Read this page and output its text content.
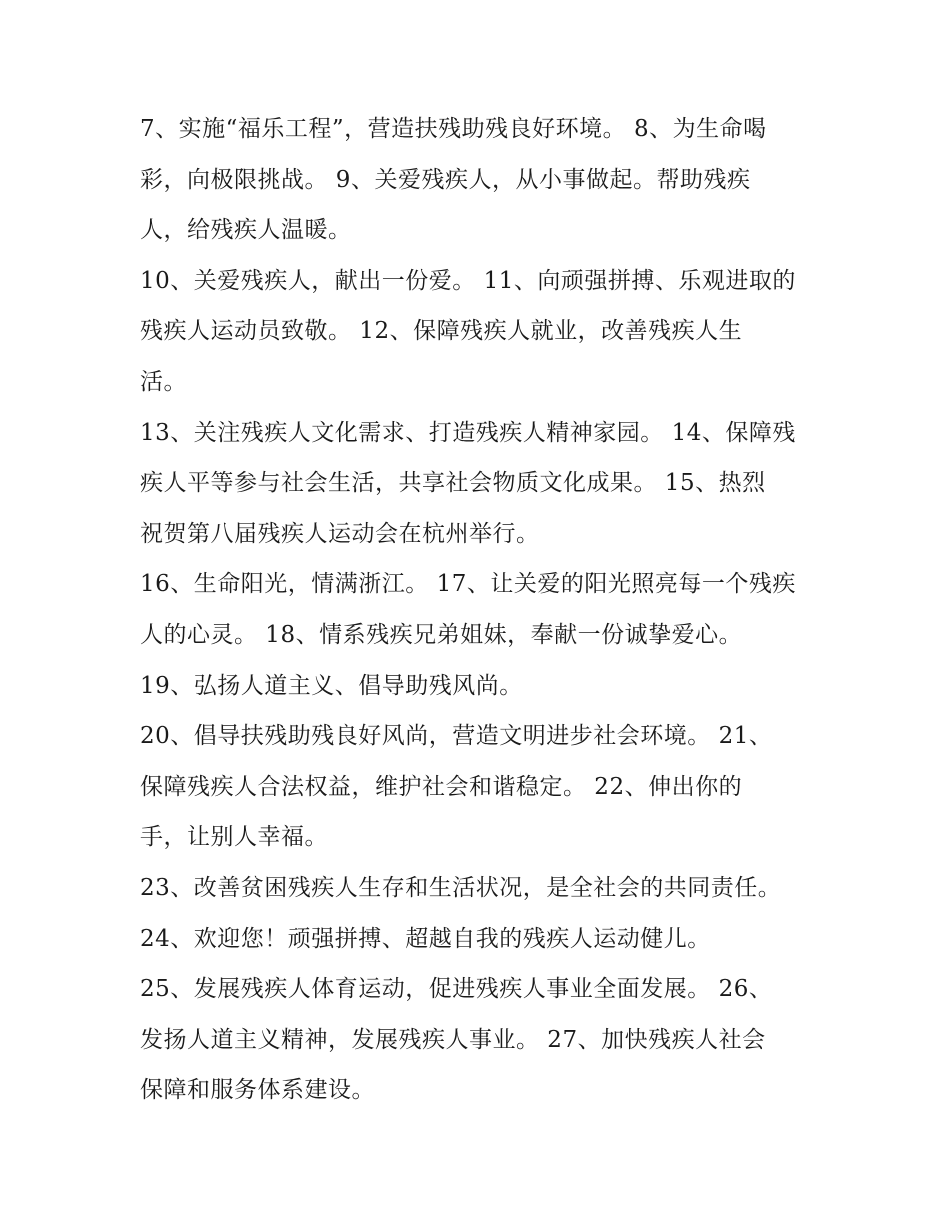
7、实施“福乐工程”，营造扶残助残良好环境。 8、为生命喝
彩，向极限挑战。 9、关爱残疾人，从小事做起。帮助残疾
人，给残疾人温暖。

10、关爱残疾人，献出一份爱。 11、向顽强拼搏、乐观进取的
残疾人运动员致敬。 12、保障残疾人就业，改善残疾人生
活。

13、关注残疾人文化需求、打造残疾人精神家园。 14、保障残
疾人平等参与社会生活，共享社会物质文化成果。 15、热烈
祝贺第八届残疾人运动会在杭州举行。

16、生命阳光，情满浙江。 17、让关爱的阳光照亮每一个残疾
人的心灵。 18、情系残疾兄弟姐妹，奉献一份诚挚爱心。

19、弘扬人道主义、倡导助残风尚。

20、倡导扶残助残良好风尚，营造文明进步社会环境。 21、
保障残疾人合法权益，维护社会和谐稳定。 22、伸出你的
手，让别人幸福。

23、改善贫困残疾人生存和生活状况，是全社会的共同责任。

24、欢迎您！顽强拼搏、超越自我的残疾人运动健儿。

25、发展残疾人体育运动，促进残疾人事业全面发展。 26、
发扬人道主义精神，发展残疾人事业。 27、加快残疾人社会
保障和服务体系建设。
